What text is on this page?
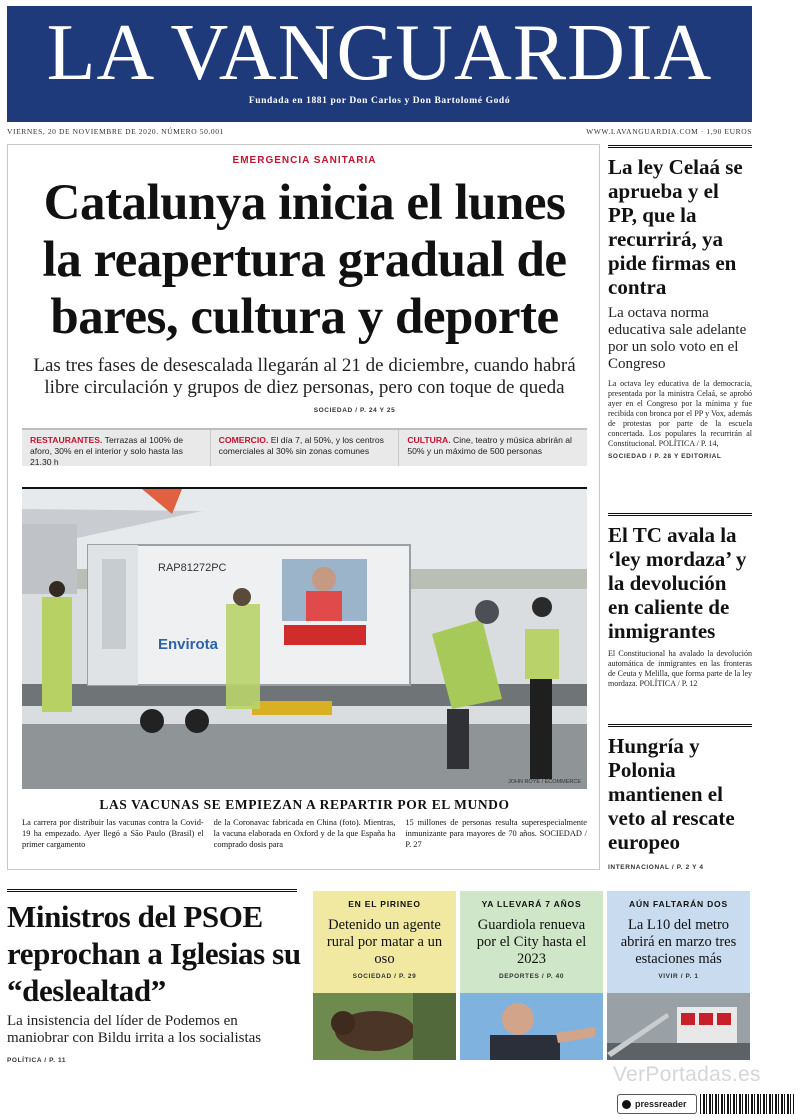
LA VANGUARDIA
Fundada en 1881 por Don Carlos y Don Bartolomé Godó
VIERNES, 20 DE NOVIEMBRE DE 2020. NÚMERO 50.001	WWW.LAVANGUARDIA.COM · 1,90 EUROS
EMERGENCIA SANITARIA
Catalunya inicia el lunes la reapertura gradual de bares, cultura y deporte

Las tres fases de desescalada llegarán al 21 de diciembre, cuando habrá libre circulación y grupos de diez personas, pero con toque de queda

SOCIEDAD / P. 24 Y 25
RESTAURANTES. Terrazas al 100% de aforo, 30% en el interior y solo hasta las 21.30 h
COMERCIO. El día 7, al 50%, y los centros comerciales al 30% sin zonas comunes
CULTURA. Cine, teatro y música abrirán al 50% y un máximo de 500 personas
RAP81272PC
Envirota
JOHN ROYE / ECOMMERCE
LAS VACUNAS SE EMPIEZAN A REPARTIR POR EL MUNDO

La carrera por distribuir las vacunas contra la Covid-19 ha empezado. Ayer llegó a São Paulo (Brasil) el primer cargamento

de la Coronavac fabricada en China (foto). Mientras, la vacuna elaborada en Oxford y de la que España ha comprado dosis para

15 millones de personas resulta superespecialmente inmunizante para mayores de 70 años. SOCIEDAD / P. 27

La ley Celaá se aprueba y el PP, que la recurrirá, ya pide firmas en contra

La octava norma educativa sale adelante por un solo voto en el Congreso

La octava ley educativa de la democracia, presentada por la ministra Celaá, se aprobó ayer en el Congreso por la mínima y fue recibida con bronca por el PP y Vox, además de protestas por parte de la escuela concertada. Los populares la recurrirán al Constitucional. POLÍTICA / P. 14,

SOCIEDAD / P. 28 Y EDITORIAL
El TC avala la ‘ley mordaza’ y la devolución en caliente de inmigrantes

El Constitucional ha avalado la devolución automática de inmigrantes en las fronteras de Ceuta y Melilla, que forma parte de la ley mordaza. POLÍTICA / P. 12

Hungría y Polonia mantienen el veto al rescate europeo
INTERNACIONAL / P. 2 Y 4
Ministros del PSOE reprochan a Iglesias su “deslealtad”

La insistencia del líder de Podemos en maniobrar con Bildu irrita a los socialistas

POLÍTICA / P. 11
EN EL PIRINEO
Detenido un agente rural por matar a un oso
SOCIEDAD / P. 29
YA LLEVARÁ 7 AÑOS
Guardiola renueva por el City hasta el 2023
DEPORTES / P. 40
AÚN FALTARÁN DOS
La L10 del metro abrirá en marzo tres estaciones más
VIVIR / P. 1
VerPortadas.es
pressreader
